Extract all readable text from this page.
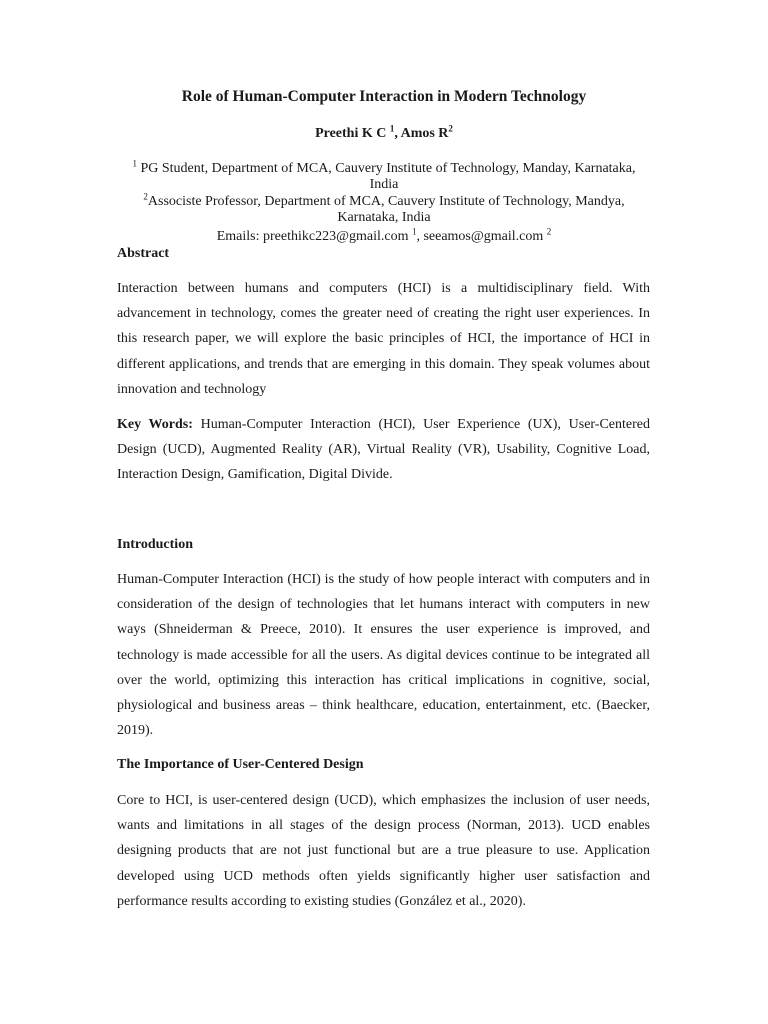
Role of Human-Computer Interaction in Modern Technology
Preethi K C $^1$, Amos $R^2$
$^1$ PG Student, Department of MCA, Cauvery Institute of Technology, Manday, Karnataka, India
$^2$Associste Professor, Department of MCA, Cauvery Institute of Technology, Mandya, Karnataka, India
Emails: preethikc223@gmail.com $^1$, seeamos@gmail.com $^2$
Abstract

Interaction between humans and computers (HCI) is a multidisciplinary field. With advancement in technology, comes the greater need of creating the right user experiences. In this research paper, we will explore the basic principles of HCI, the importance of HCI in different applications, and trends that are emerging in this domain. They speak volumes about innovation and technology

Key Words: Human-Computer Interaction (HCI), User Experience (UX), User-Centered Design (UCD), Augmented Reality (AR), Virtual Reality (VR), Usability, Cognitive Load, Interaction Design, Gamification, Digital Divide.

Introduction

Human-Computer Interaction (HCI) is the study of how people interact with computers and in consideration of the design of technologies that let humans interact with computers in new ways (Shneiderman & Preece, 2010). It ensures the user experience is improved, and technology is made accessible for all the users. As digital devices continue to be integrated all over the world, optimizing this interaction has critical implications in cognitive, social, physiological and business areas – think healthcare, education, entertainment, etc. (Baecker, 2019).

The Importance of User-Centered Design

Core to HCI, is user-centered design (UCD), which emphasizes the inclusion of user needs, wants and limitations in all stages of the design process (Norman, 2013). UCD enables designing products that are not just functional but are a true pleasure to use. Application developed using UCD methods often yields significantly higher user satisfaction and performance results according to existing studies (González et al., 2020).
